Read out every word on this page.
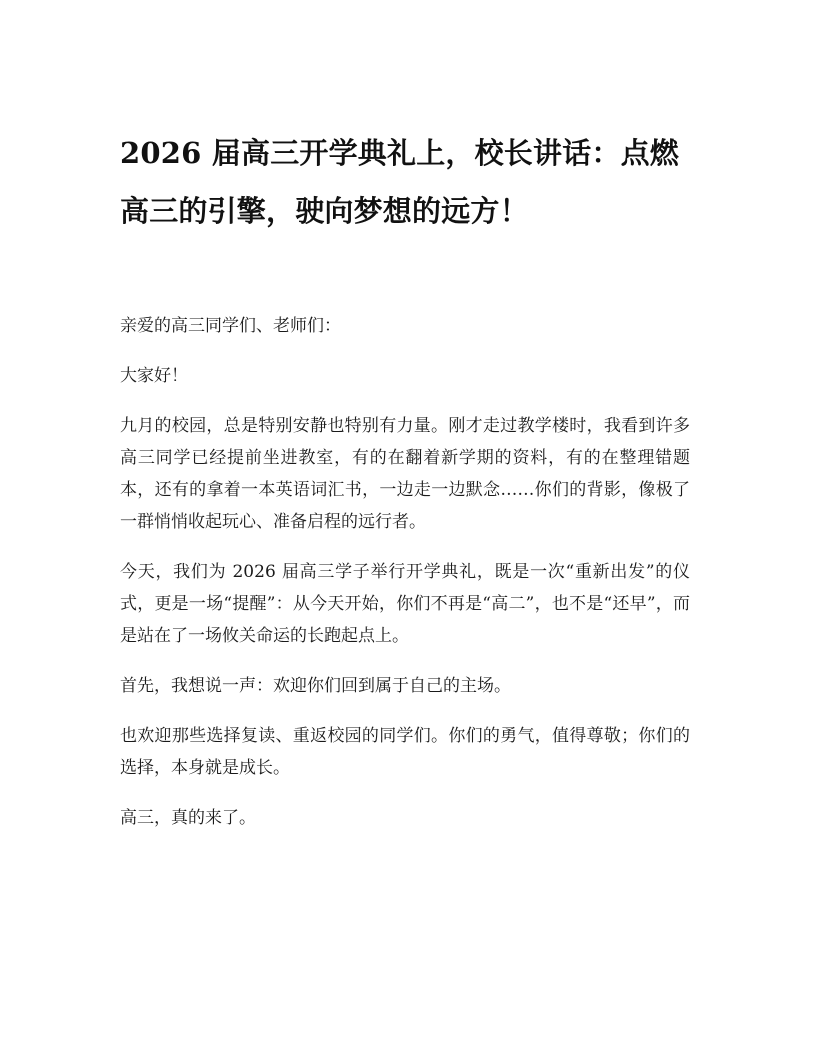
2026 届高三开学典礼上，校长讲话：点燃高三的引擎，驶向梦想的远方！

亲爱的高三同学们、老师们：

大家好！

九月的校园，总是特别安静也特别有力量。刚才走过教学楼时，我看到许多高三同学已经提前坐进教室，有的在翻着新学期的资料，有的在整理错题本，还有的拿着一本英语词汇书，一边走一边默念……你们的背影，像极了一群悄悄收起玩心、准备启程的远行者。

今天，我们为 2026 届高三学子举行开学典礼，既是一次“重新出发”的仪式，更是一场“提醒”：从今天开始，你们不再是“高二”，也不是“还早”，而是站在了一场攸关命运的长跑起点上。

首先，我想说一声：欢迎你们回到属于自己的主场。

也欢迎那些选择复读、重返校园的同学们。你们的勇气，值得尊敬；你们的选择，本身就是成长。

高三，真的来了。
